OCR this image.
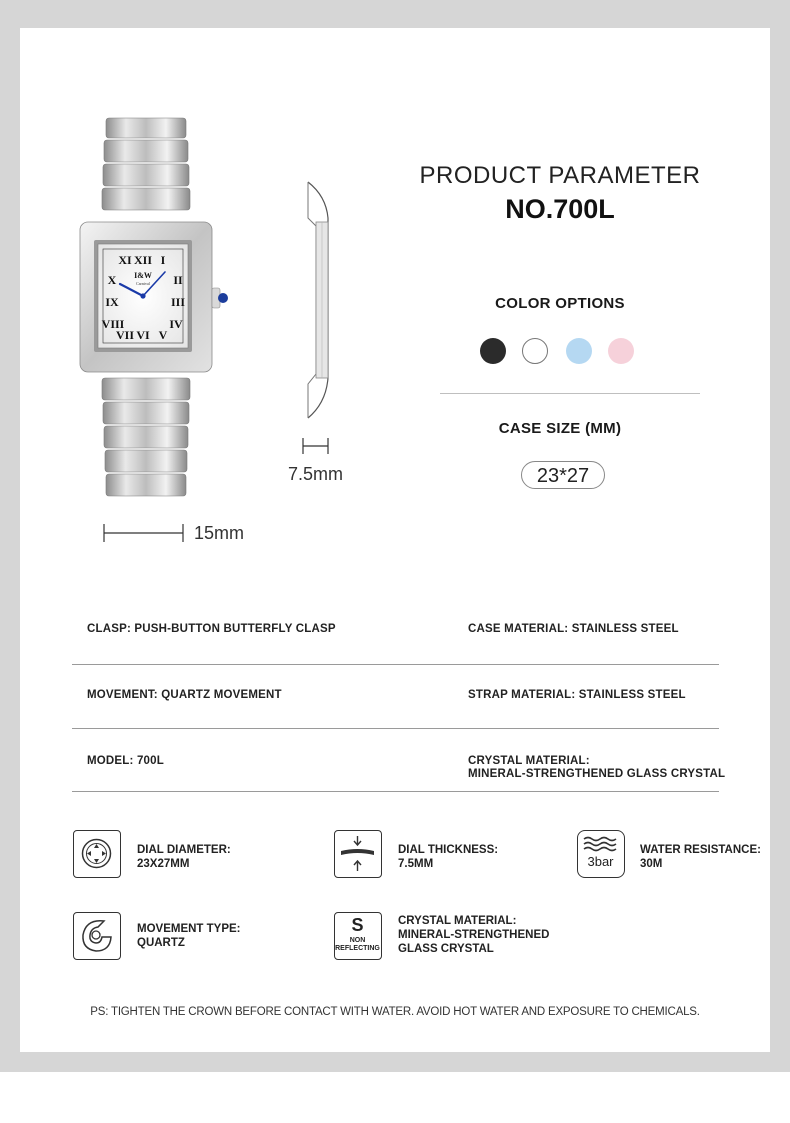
XI XII I
X	II
IX	III
VIII	IV
VII VI V
I&W
Carnival
7.5mm
15mm
PRODUCT PARAMETER
NO.700L
COLOR OPTIONS
CASE SIZE (MM)
23*27
CLASP: PUSH-BUTTON BUTTERFLY CLASP	CASE MATERIAL: STAINLESS STEEL
MOVEMENT: QUARTZ MOVEMENT	STRAP MATERIAL: STAINLESS STEEL
MODEL: 700L	CRYSTAL MATERIAL:
MINERAL-STRENGTHENED GLASS CRYSTAL
DIAL DIAMETER:
23X27MM
DIAL THICKNESS:
7.5MM	3bar
WATER RESISTANCE:
30M
MOVEMENT TYPE:
QUARTZ
S
NON
REFLECTING
CRYSTAL MATERIAL:
MINERAL-STRENGTHENED
GLASS CRYSTAL
PS: TIGHTEN THE CROWN BEFORE CONTACT WITH WATER. AVOID HOT WATER AND EXPOSURE TO CHEMICALS.
